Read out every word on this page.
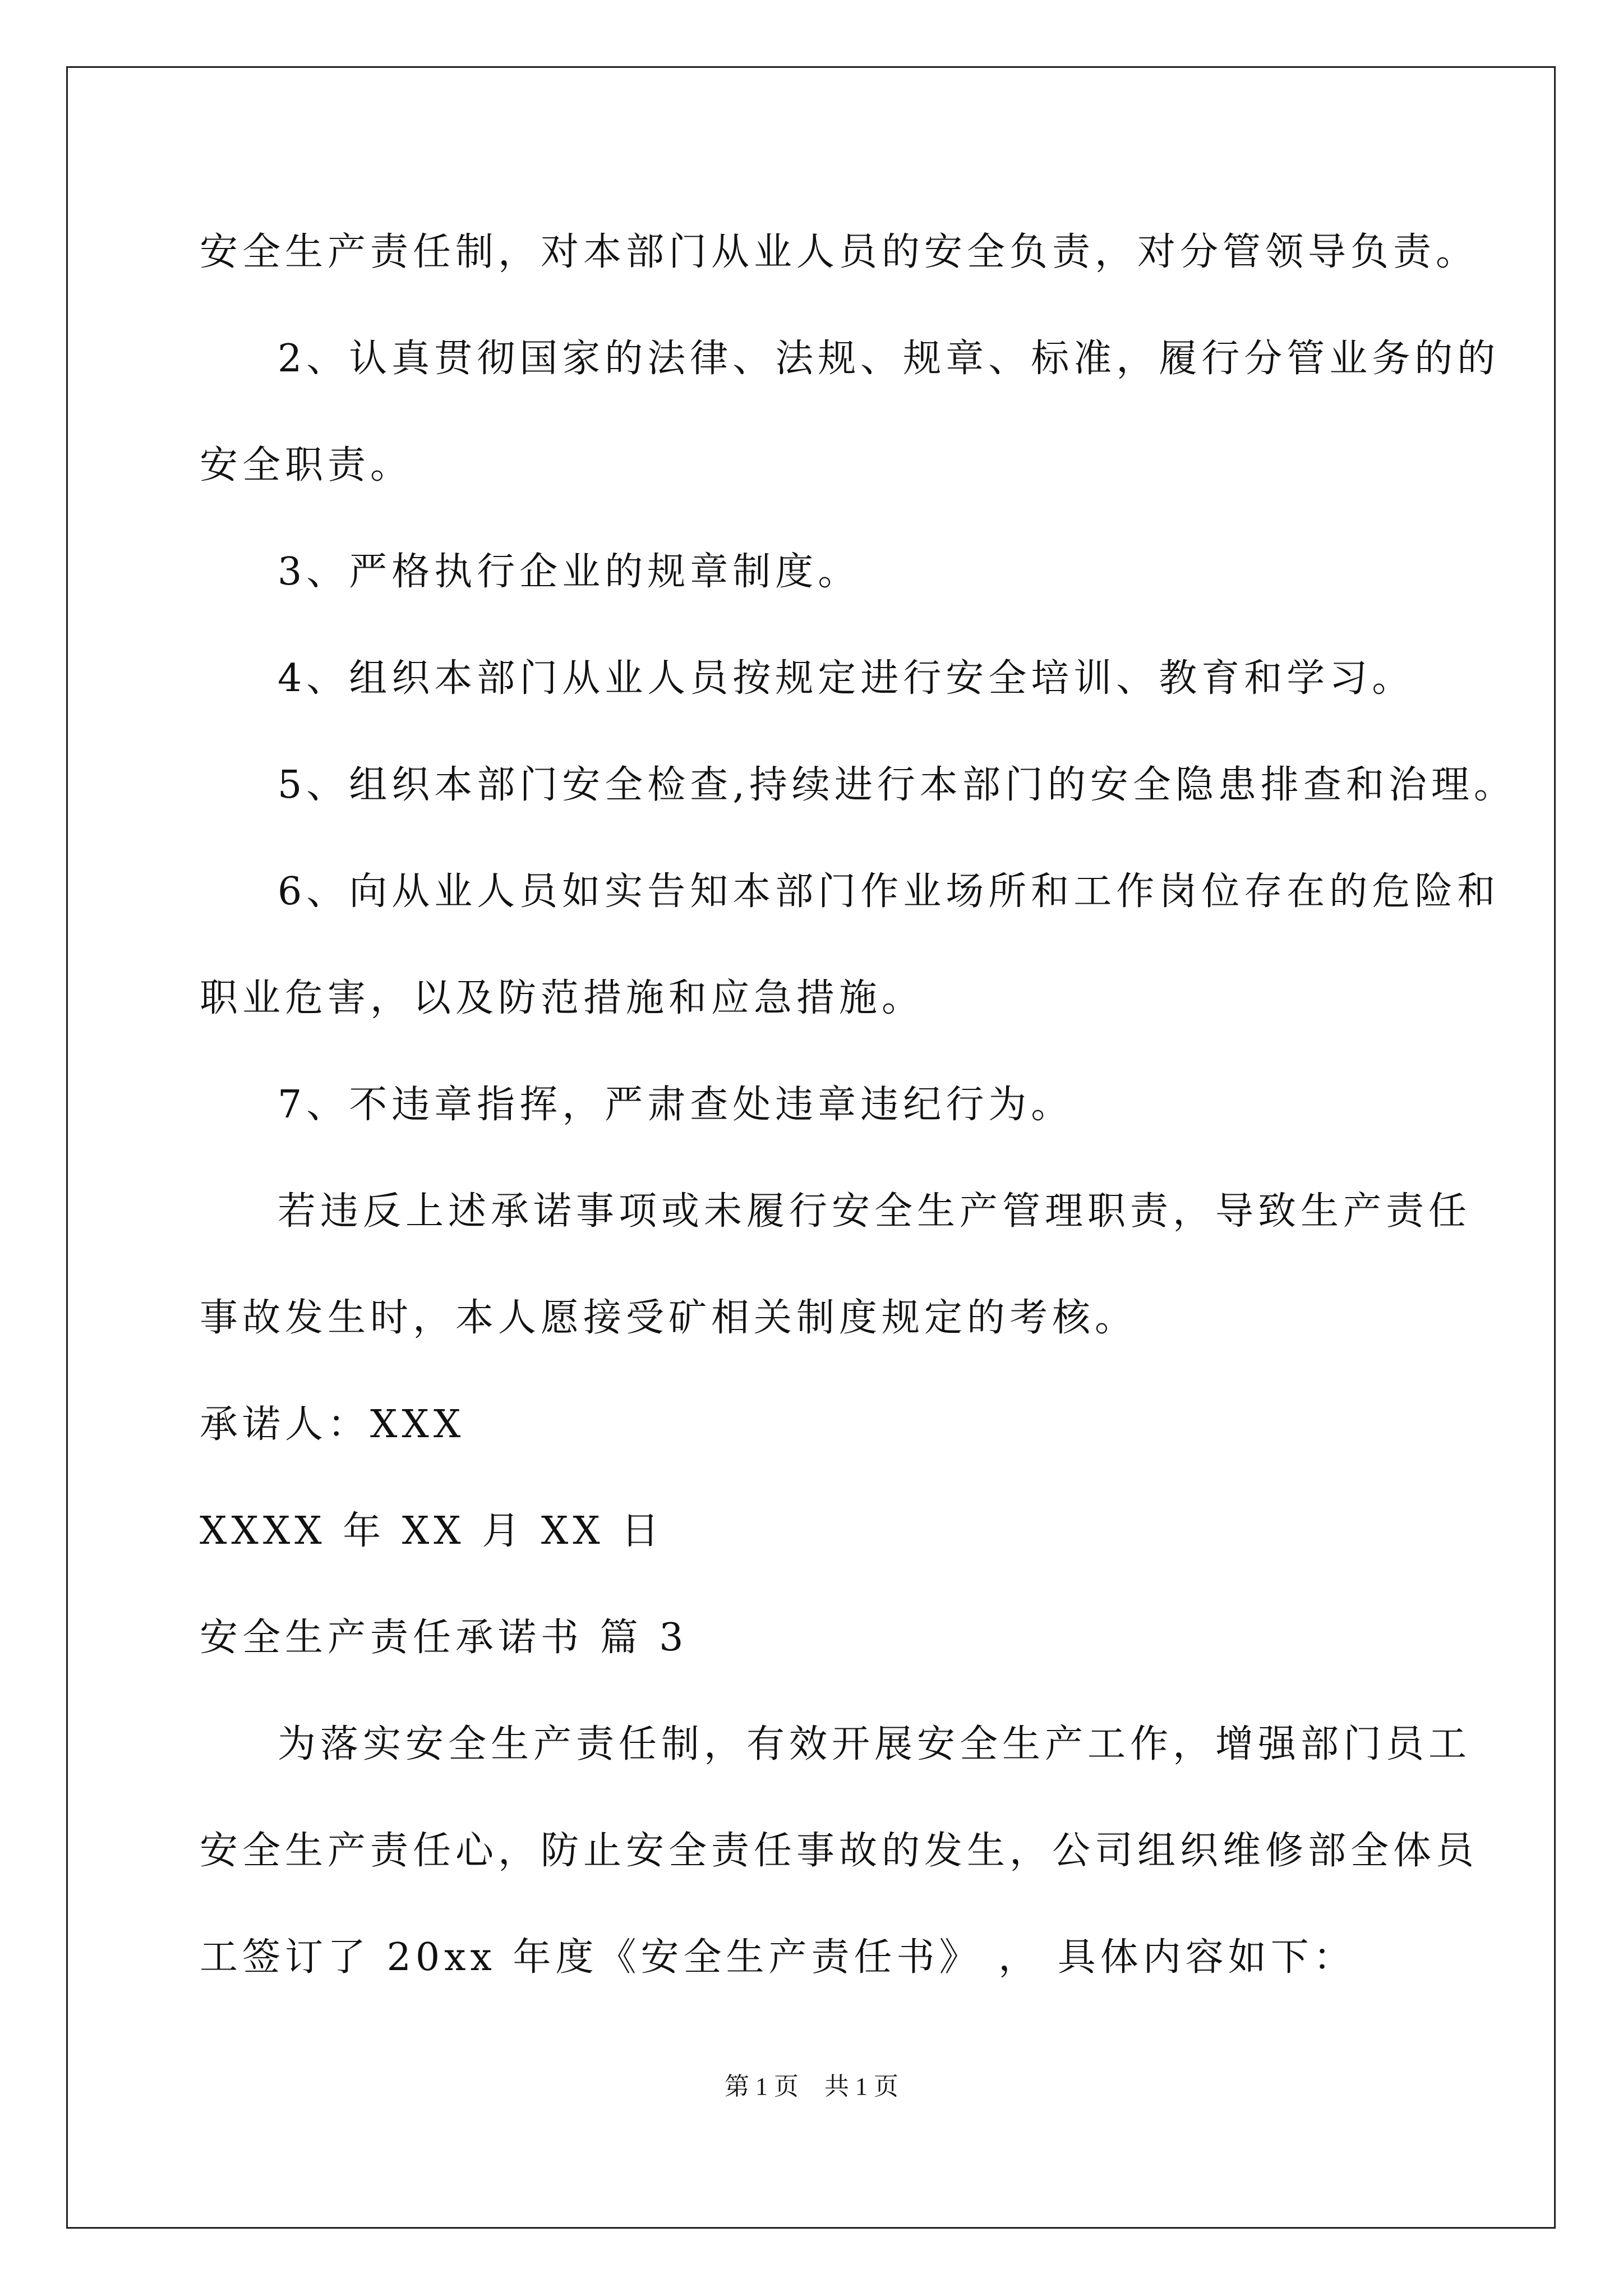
安全生产责任制，对本部门从业人员的安全负责，对分管领导负责。
2、认真贯彻国家的法律、法规、规章、标准，履行分管业务的的
安全职责。
3、严格执行企业的规章制度。
4、组织本部门从业人员按规定进行安全培训、教育和学习。
5、组织本部门安全检查,持续进行本部门的安全隐患排查和治理。
6、向从业人员如实告知本部门作业场所和工作岗位存在的危险和
职业危害，以及防范措施和应急措施。
7、不违章指挥，严肃查处违章违纪行为。
若违反上述承诺事项或未履行安全生产管理职责，导致生产责任
事故发生时，本人愿接受矿相关制度规定的考核。
承诺人：XXX
XXXX 年 XX 月 XX 日
安全生产责任承诺书 篇 3
为落实安全生产责任制，有效开展安全生产工作，增强部门员工
安全生产责任心，防止安全责任事故的发生，公司组织维修部全体员
工签订了 20xx 年度《安全生产责任书》 ， 具体内容如下：
第 1 页 共 1 页
